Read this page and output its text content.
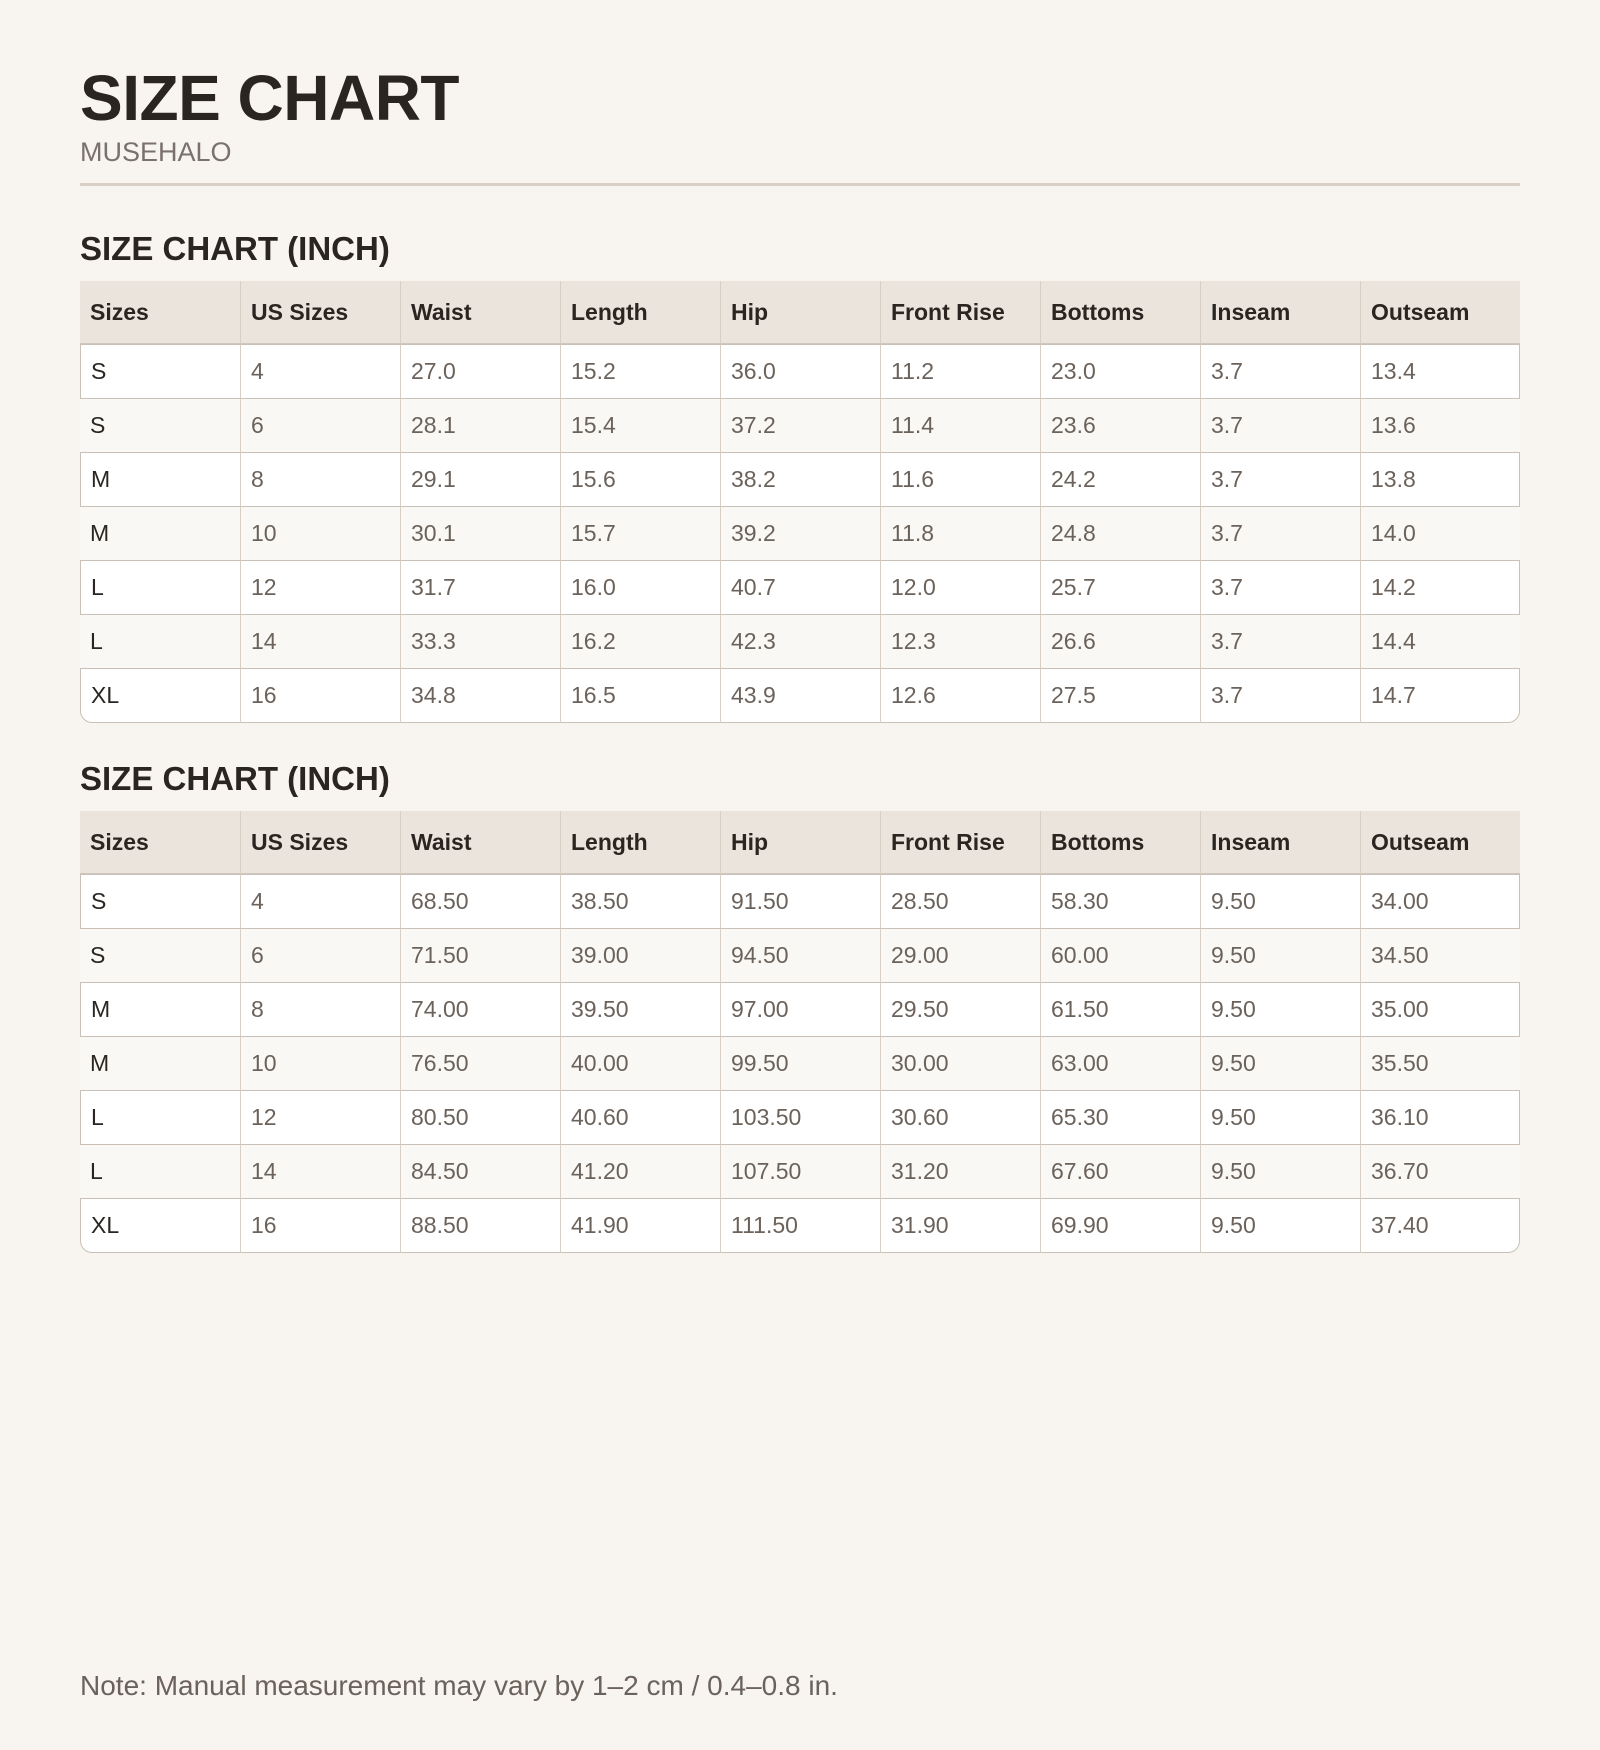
SIZE CHART
MUSEHALO
SIZE CHART (INCH)
Sizes	US Sizes	Waist	Length	Hip	Front Rise	Bottoms	Inseam	Outseam
S	4	27.0	15.2	36.0	11.2	23.0	3.7	13.4
S	6	28.1	15.4	37.2	11.4	23.6	3.7	13.6
M	8	29.1	15.6	38.2	11.6	24.2	3.7	13.8
M	10	30.1	15.7	39.2	11.8	24.8	3.7	14.0
L	12	31.7	16.0	40.7	12.0	25.7	3.7	14.2
L	14	33.3	16.2	42.3	12.3	26.6	3.7	14.4
XL	16	34.8	16.5	43.9	12.6	27.5	3.7	14.7
SIZE CHART (INCH)
Sizes	US Sizes	Waist	Length	Hip	Front Rise	Bottoms	Inseam	Outseam
S	4	68.50	38.50	91.50	28.50	58.30	9.50	34.00
S	6	71.50	39.00	94.50	29.00	60.00	9.50	34.50
M	8	74.00	39.50	97.00	29.50	61.50	9.50	35.00
M	10	76.50	40.00	99.50	30.00	63.00	9.50	35.50
L	12	80.50	40.60	103.50	30.60	65.30	9.50	36.10
L	14	84.50	41.20	107.50	31.20	67.60	9.50	36.70
XL	16	88.50	41.90	111.50	31.90	69.90	9.50	37.40
Note: Manual measurement may vary by 1–2 cm / 0.4–0.8 in.
